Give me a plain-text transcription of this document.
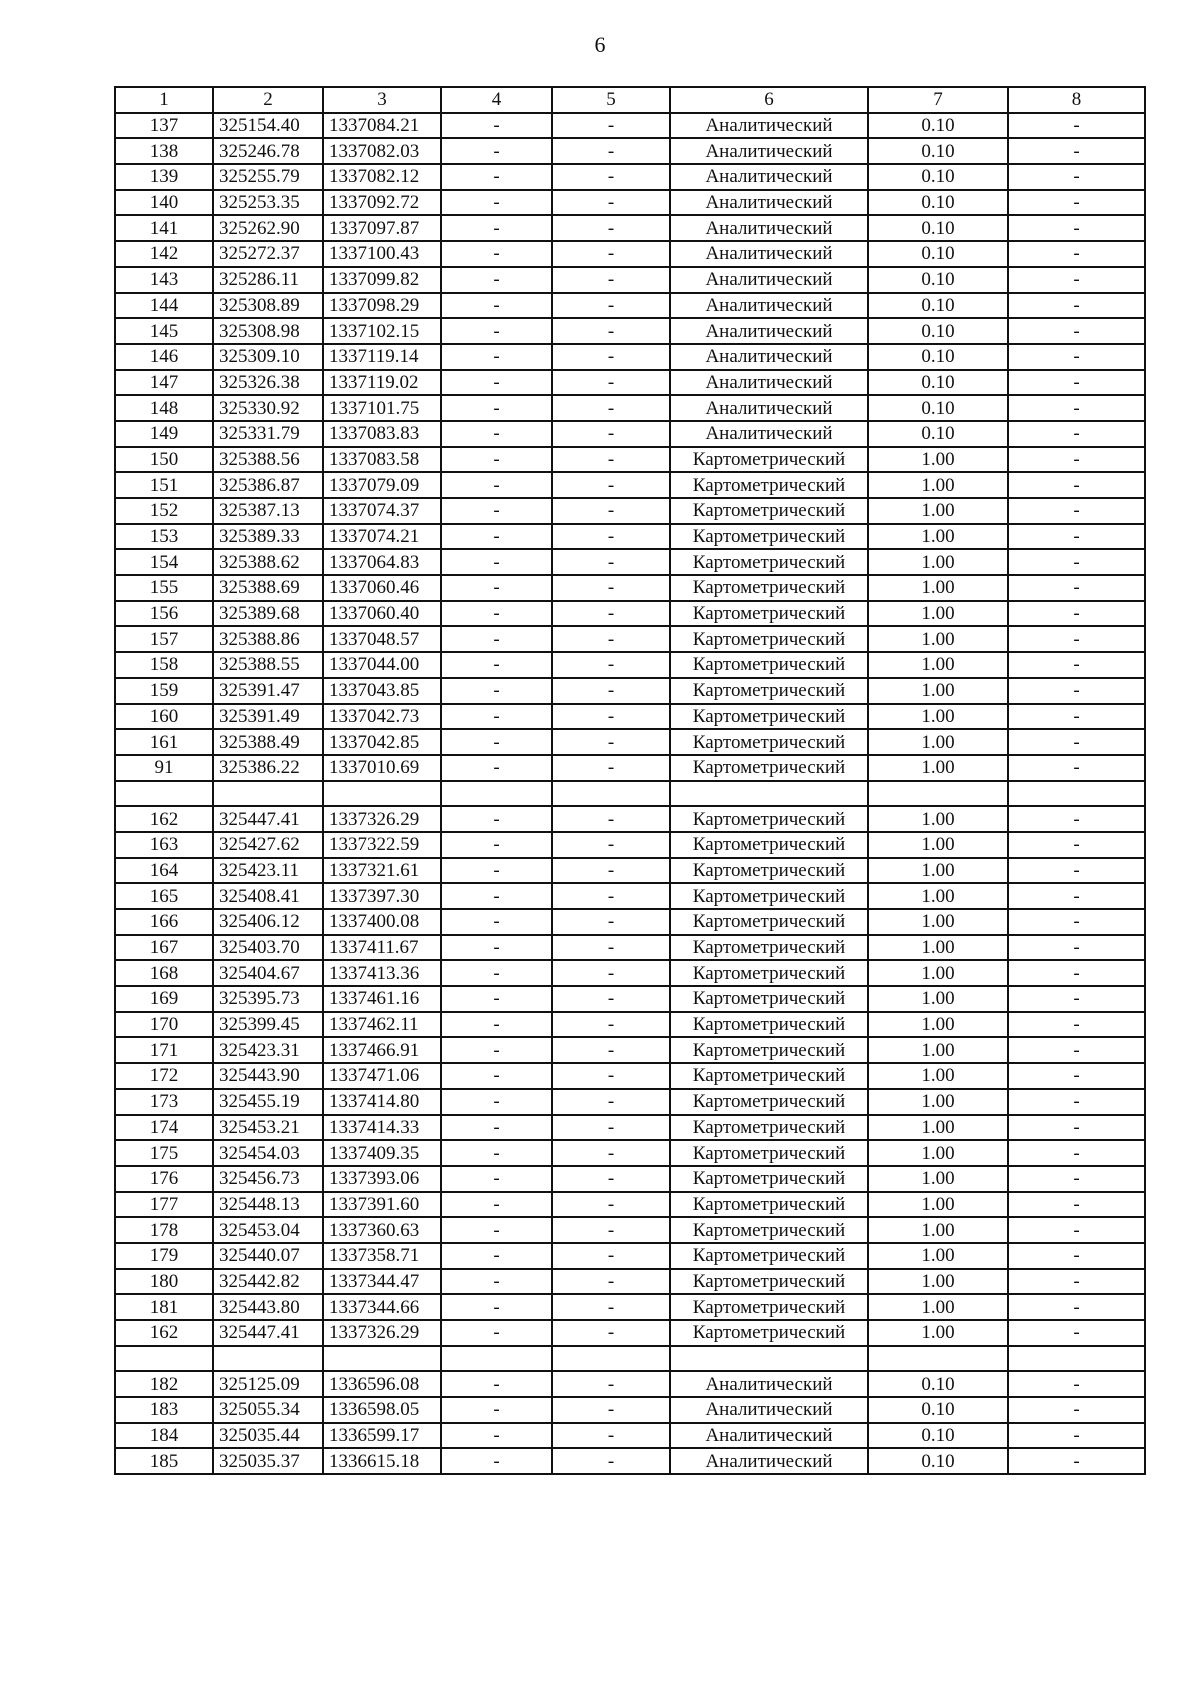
6
1	2	3	4	5	6	7	8
137	325154.40	1337084.21	-	-	Аналитический	0.10	-
138	325246.78	1337082.03	-	-	Аналитический	0.10	-
139	325255.79	1337082.12	-	-	Аналитический	0.10	-
140	325253.35	1337092.72	-	-	Аналитический	0.10	-
141	325262.90	1337097.87	-	-	Аналитический	0.10	-
142	325272.37	1337100.43	-	-	Аналитический	0.10	-
143	325286.11	1337099.82	-	-	Аналитический	0.10	-
144	325308.89	1337098.29	-	-	Аналитический	0.10	-
145	325308.98	1337102.15	-	-	Аналитический	0.10	-
146	325309.10	1337119.14	-	-	Аналитический	0.10	-
147	325326.38	1337119.02	-	-	Аналитический	0.10	-
148	325330.92	1337101.75	-	-	Аналитический	0.10	-
149	325331.79	1337083.83	-	-	Аналитический	0.10	-
150	325388.56	1337083.58	-	-	Картометрический	1.00	-
151	325386.87	1337079.09	-	-	Картометрический	1.00	-
152	325387.13	1337074.37	-	-	Картометрический	1.00	-
153	325389.33	1337074.21	-	-	Картометрический	1.00	-
154	325388.62	1337064.83	-	-	Картометрический	1.00	-
155	325388.69	1337060.46	-	-	Картометрический	1.00	-
156	325389.68	1337060.40	-	-	Картометрический	1.00	-
157	325388.86	1337048.57	-	-	Картометрический	1.00	-
158	325388.55	1337044.00	-	-	Картометрический	1.00	-
159	325391.47	1337043.85	-	-	Картометрический	1.00	-
160	325391.49	1337042.73	-	-	Картометрический	1.00	-
161	325388.49	1337042.85	-	-	Картометрический	1.00	-
91	325386.22	1337010.69	-	-	Картометрический	1.00	-

162	325447.41	1337326.29	-	-	Картометрический	1.00	-
163	325427.62	1337322.59	-	-	Картометрический	1.00	-
164	325423.11	1337321.61	-	-	Картометрический	1.00	-
165	325408.41	1337397.30	-	-	Картометрический	1.00	-
166	325406.12	1337400.08	-	-	Картометрический	1.00	-
167	325403.70	1337411.67	-	-	Картометрический	1.00	-
168	325404.67	1337413.36	-	-	Картометрический	1.00	-
169	325395.73	1337461.16	-	-	Картометрический	1.00	-
170	325399.45	1337462.11	-	-	Картометрический	1.00	-
171	325423.31	1337466.91	-	-	Картометрический	1.00	-
172	325443.90	1337471.06	-	-	Картометрический	1.00	-
173	325455.19	1337414.80	-	-	Картометрический	1.00	-
174	325453.21	1337414.33	-	-	Картометрический	1.00	-
175	325454.03	1337409.35	-	-	Картометрический	1.00	-
176	325456.73	1337393.06	-	-	Картометрический	1.00	-
177	325448.13	1337391.60	-	-	Картометрический	1.00	-
178	325453.04	1337360.63	-	-	Картометрический	1.00	-
179	325440.07	1337358.71	-	-	Картометрический	1.00	-
180	325442.82	1337344.47	-	-	Картометрический	1.00	-
181	325443.80	1337344.66	-	-	Картометрический	1.00	-
162	325447.41	1337326.29	-	-	Картометрический	1.00	-

182	325125.09	1336596.08	-	-	Аналитический	0.10	-
183	325055.34	1336598.05	-	-	Аналитический	0.10	-
184	325035.44	1336599.17	-	-	Аналитический	0.10	-
185	325035.37	1336615.18	-	-	Аналитический	0.10	-
